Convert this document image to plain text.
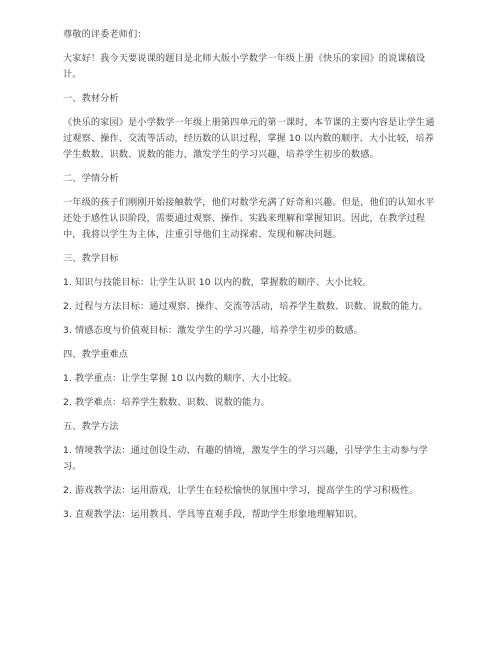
尊敬的评委老师们：

大家好！我今天要说课的题目是北师大版小学数学一年级上册《快乐的家园》的说课稿设计。

一、教材分析

《快乐的家园》是小学数学一年级上册第四单元的第一课时，本节课的主要内容是让学生通过观察、操作、交流等活动，经历数的认识过程，掌握 10 以内数的顺序、大小比较，培养学生数数、识数、说数的能力，激发学生的学习兴趣，培养学生初步的数感。

二、学情分析

一年级的孩子们刚刚开始接触数学，他们对数学充满了好奇和兴趣。但是，他们的认知水平还处于感性认识阶段，需要通过观察、操作、实践来理解和掌握知识。因此，在教学过程中，我将以学生为主体，注重引导他们主动探索、发现和解决问题。

三、教学目标

1. 知识与技能目标：让学生认识 10 以内的数，掌握数的顺序、大小比较。

2. 过程与方法目标：通过观察、操作、交流等活动，培养学生数数、识数、说数的能力。

3. 情感态度与价值观目标：激发学生的学习兴趣，培养学生初步的数感。

四、教学重难点

1. 教学重点：让学生掌握 10 以内数的顺序、大小比较。

2. 教学难点：培养学生数数、识数、说数的能力。

五、教学方法

1. 情境教学法：通过创设生动、有趣的情境，激发学生的学习兴趣，引导学生主动参与学习。

2. 游戏教学法：运用游戏，让学生在轻松愉快的氛围中学习，提高学生的学习积极性。

3. 直观教学法：运用教具、学具等直观手段，帮助学生形象地理解知识。
